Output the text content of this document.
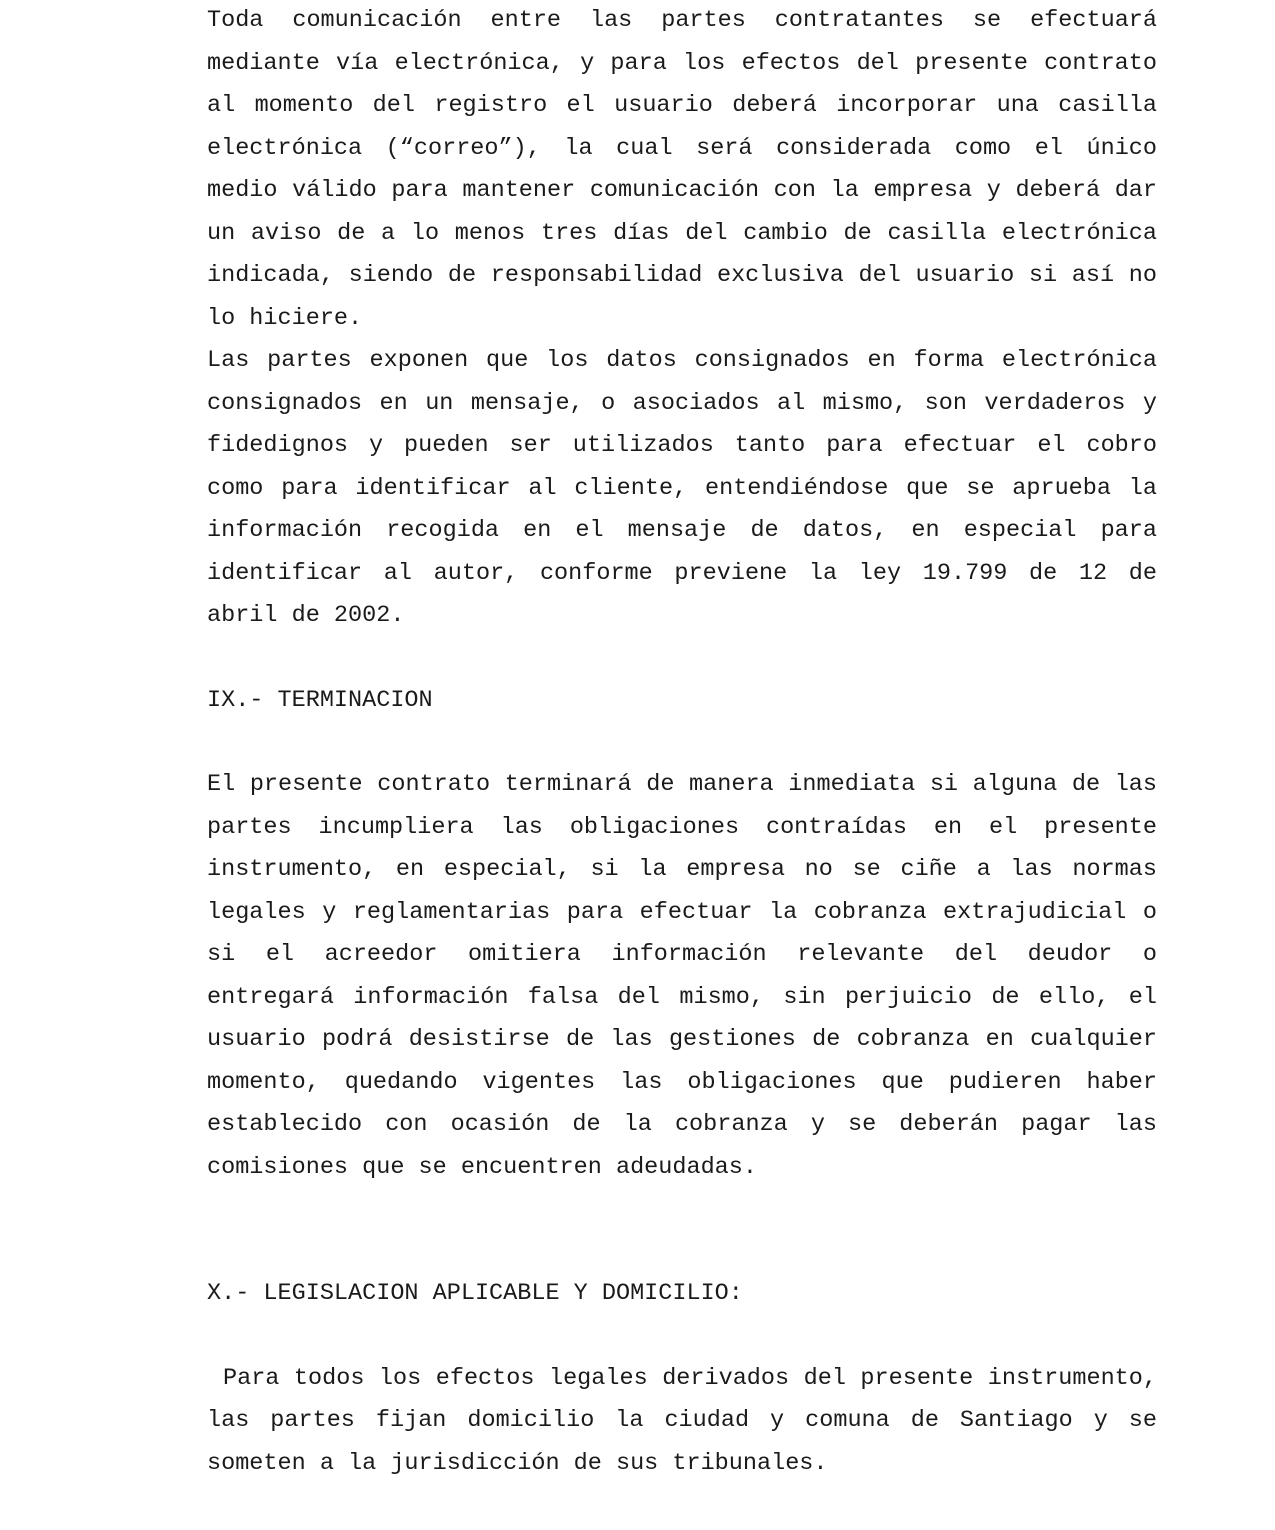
Toda comunicación entre las partes contratantes se efectuará mediante vía electrónica, y para los efectos del presente contrato al momento del registro el usuario deberá incorporar una casilla electrónica (“correo”), la cual será considerada como el único medio válido para mantener comunicación con la empresa y deberá dar un aviso de a lo menos tres días del cambio de casilla electrónica indicada, siendo de responsabilidad exclusiva del usuario si así no lo hiciere.

Las partes exponen que los datos consignados en forma electrónica consignados en un mensaje, o asociados al mismo, son verdaderos y fidedignos y pueden ser utilizados tanto para efectuar el cobro como para identificar al cliente, entendiéndose que se aprueba la información recogida en el mensaje de datos, en especial para identificar al autor, conforme previene la ley 19.799 de 12 de abril de 2002.

IX.- TERMINACION

El presente contrato terminará de manera inmediata si alguna de las partes incumpliera las obligaciones contraídas en el presente instrumento, en especial, si la empresa no se ciñe a las normas legales y reglamentarias para efectuar la cobranza extrajudicial o si el acreedor omitiera información relevante del deudor o entregará información falsa del mismo, sin perjuicio de ello, el usuario podrá desistirse de las gestiones de cobranza en cualquier momento, quedando vigentes las obligaciones que pudieren haber establecido con ocasión de la cobranza y se deberán pagar las comisiones que se encuentren adeudadas.

X.- LEGISLACION APLICABLE Y DOMICILIO:

Para todos los efectos legales derivados del presente instrumento, las partes fijan domicilio la ciudad y comuna de Santiago y se someten a la jurisdicción de sus tribunales.
